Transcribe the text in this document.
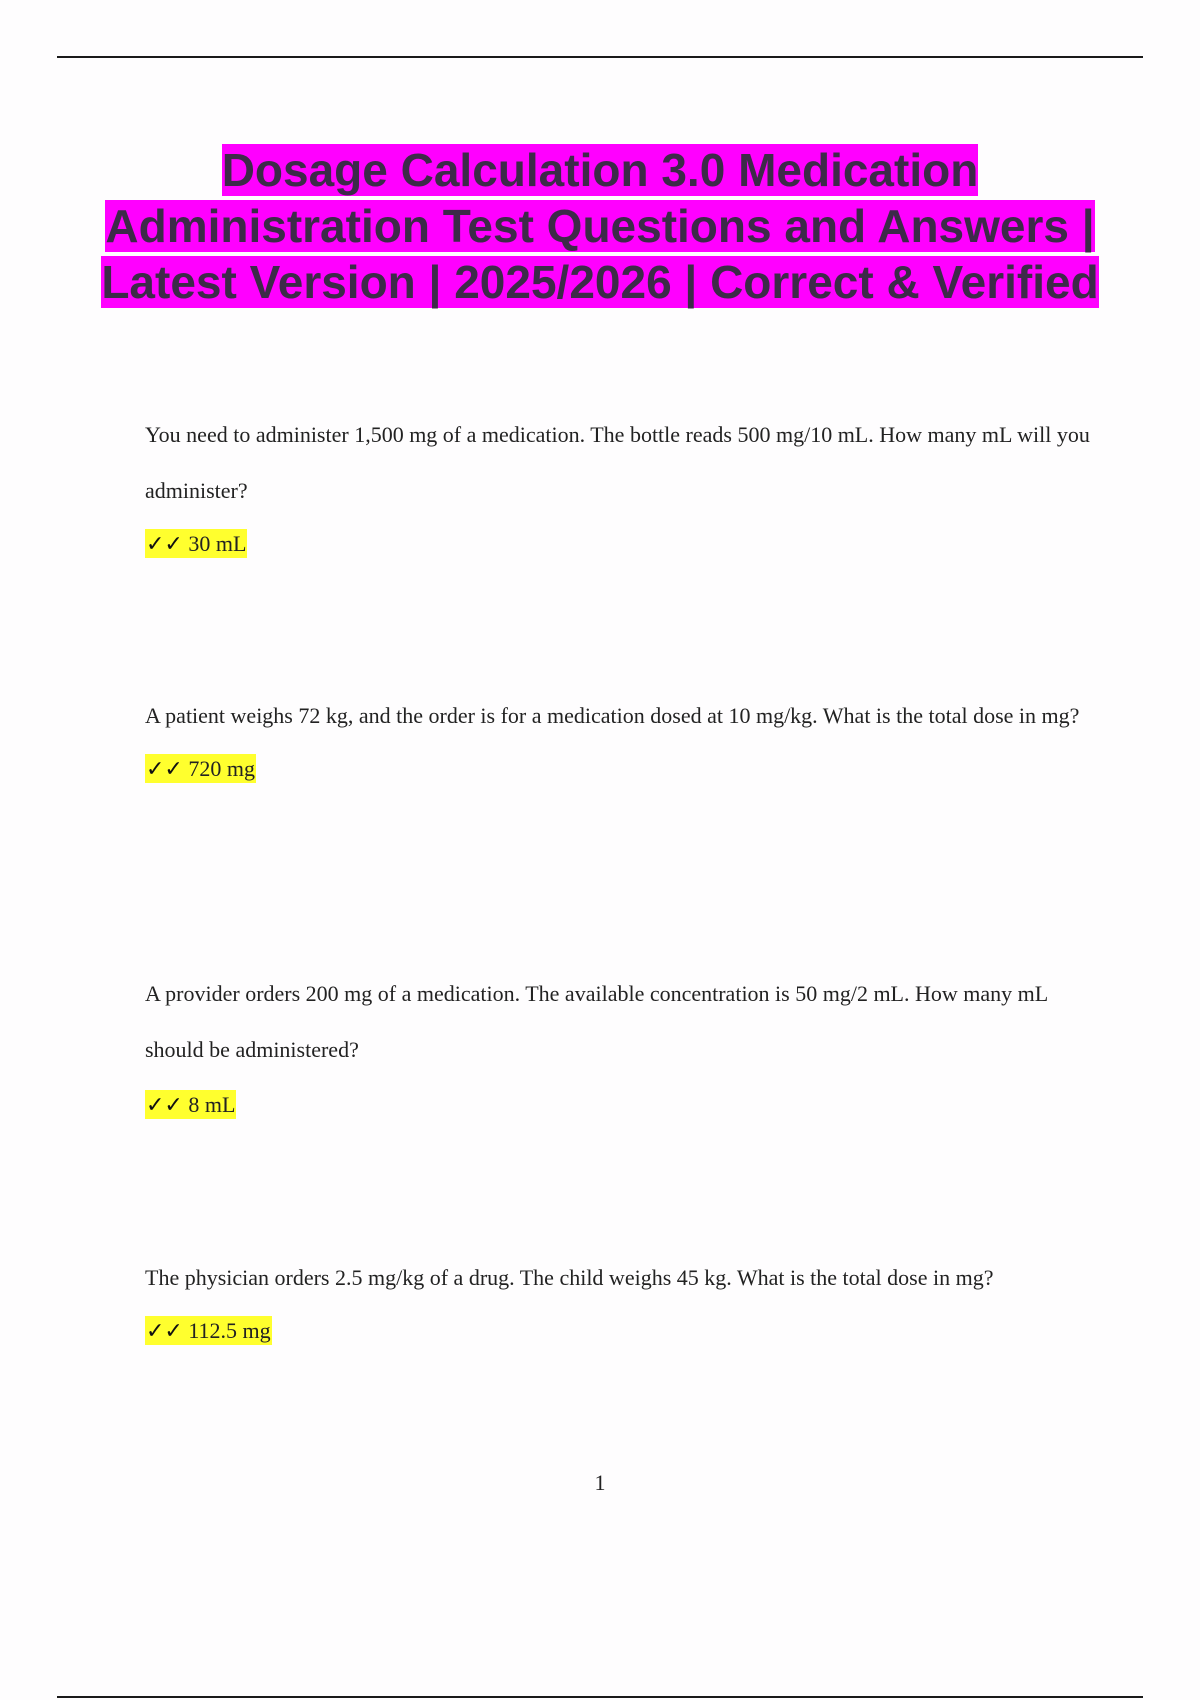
Dosage Calculation 3.0 Medication Administration Test Questions and Answers | Latest Version | 2025/2026 | Correct & Verified

You need to administer 1,500 mg of a medication. The bottle reads 500 mg/10 mL. How many mL will you administer?

✓✓ 30 mL

A patient weighs 72 kg, and the order is for a medication dosed at 10 mg/kg. What is the total dose in mg?

✓✓ 720 mg

A provider orders 200 mg of a medication. The available concentration is 50 mg/2 mL. How many mL should be administered?

✓✓ 8 mL

The physician orders 2.5 mg/kg of a drug. The child weighs 45 kg. What is the total dose in mg?

✓✓ 112.5 mg

1
